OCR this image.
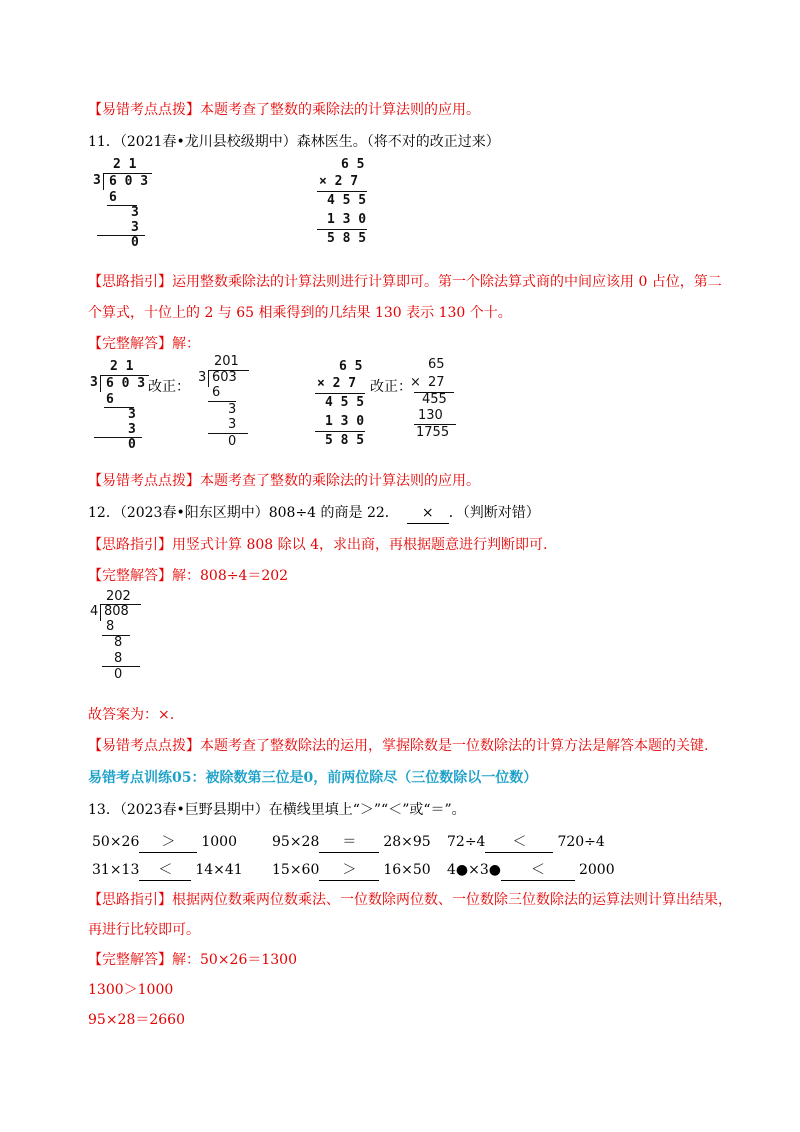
【易错考点点拨】本题考查了整数的乘除法的计算法则的应用。
11．（2021春•龙川县校级期中）森林医生。（将不对的改正过来）
2 1
3 6 0 3
6
3
3
0
6 5
× 2 7
4 5 5
1 3 0
5 8 5
【思路指引】运用整数乘除法的计算法则进行计算即可。第一个除法算式商的中间应该用 0 占位，第二
个算式，十位上的 2 与 65 相乘得到的几结果 130 表示 130 个十。
【完整解答】解：
2 1
3 6 0 3
6
3
3
0
改正：
201
3 603
6
3
3
0
6 5
× 2 7
4 5 5
1 3 0
5 8 5
改正：
65
× 27
455
130
1755
【易错考点点拨】本题考查了整数的乘除法的计算法则的应用。
12．（2023春•阳东区期中）808÷4 的商是 22． × ．（判断对错）
【思路指引】用竖式计算 808 除以 4，求出商，再根据题意进行判断即可.
【完整解答】解：808÷4＝202
202
4 808
8
8
8
0
故答案为：×.
【易错考点点拨】本题考查了整数除法的运用，掌握除数是一位数除法的计算方法是解答本题的关键.
易错考点训练05：被除数第三位是0，前两位除尽（三位数除以一位数）
13．（2023春•巨野县期中）在横线里填上“＞”“＜”或“＝”。
50×26 ＞ 1000	95×28 ＝ 28×95 72÷4 ＜ 720÷4
31×13 ＜ 14×41 15×60 ＞ 16×50 4●×3● ＜ 2000
【思路指引】根据两位数乘两位数乘法、一位数除两位数、一位数除三位数除法的运算法则计算出结果，
再进行比较即可。
【完整解答】解：50×26＝1300
1300＞1000
95×28＝2660
